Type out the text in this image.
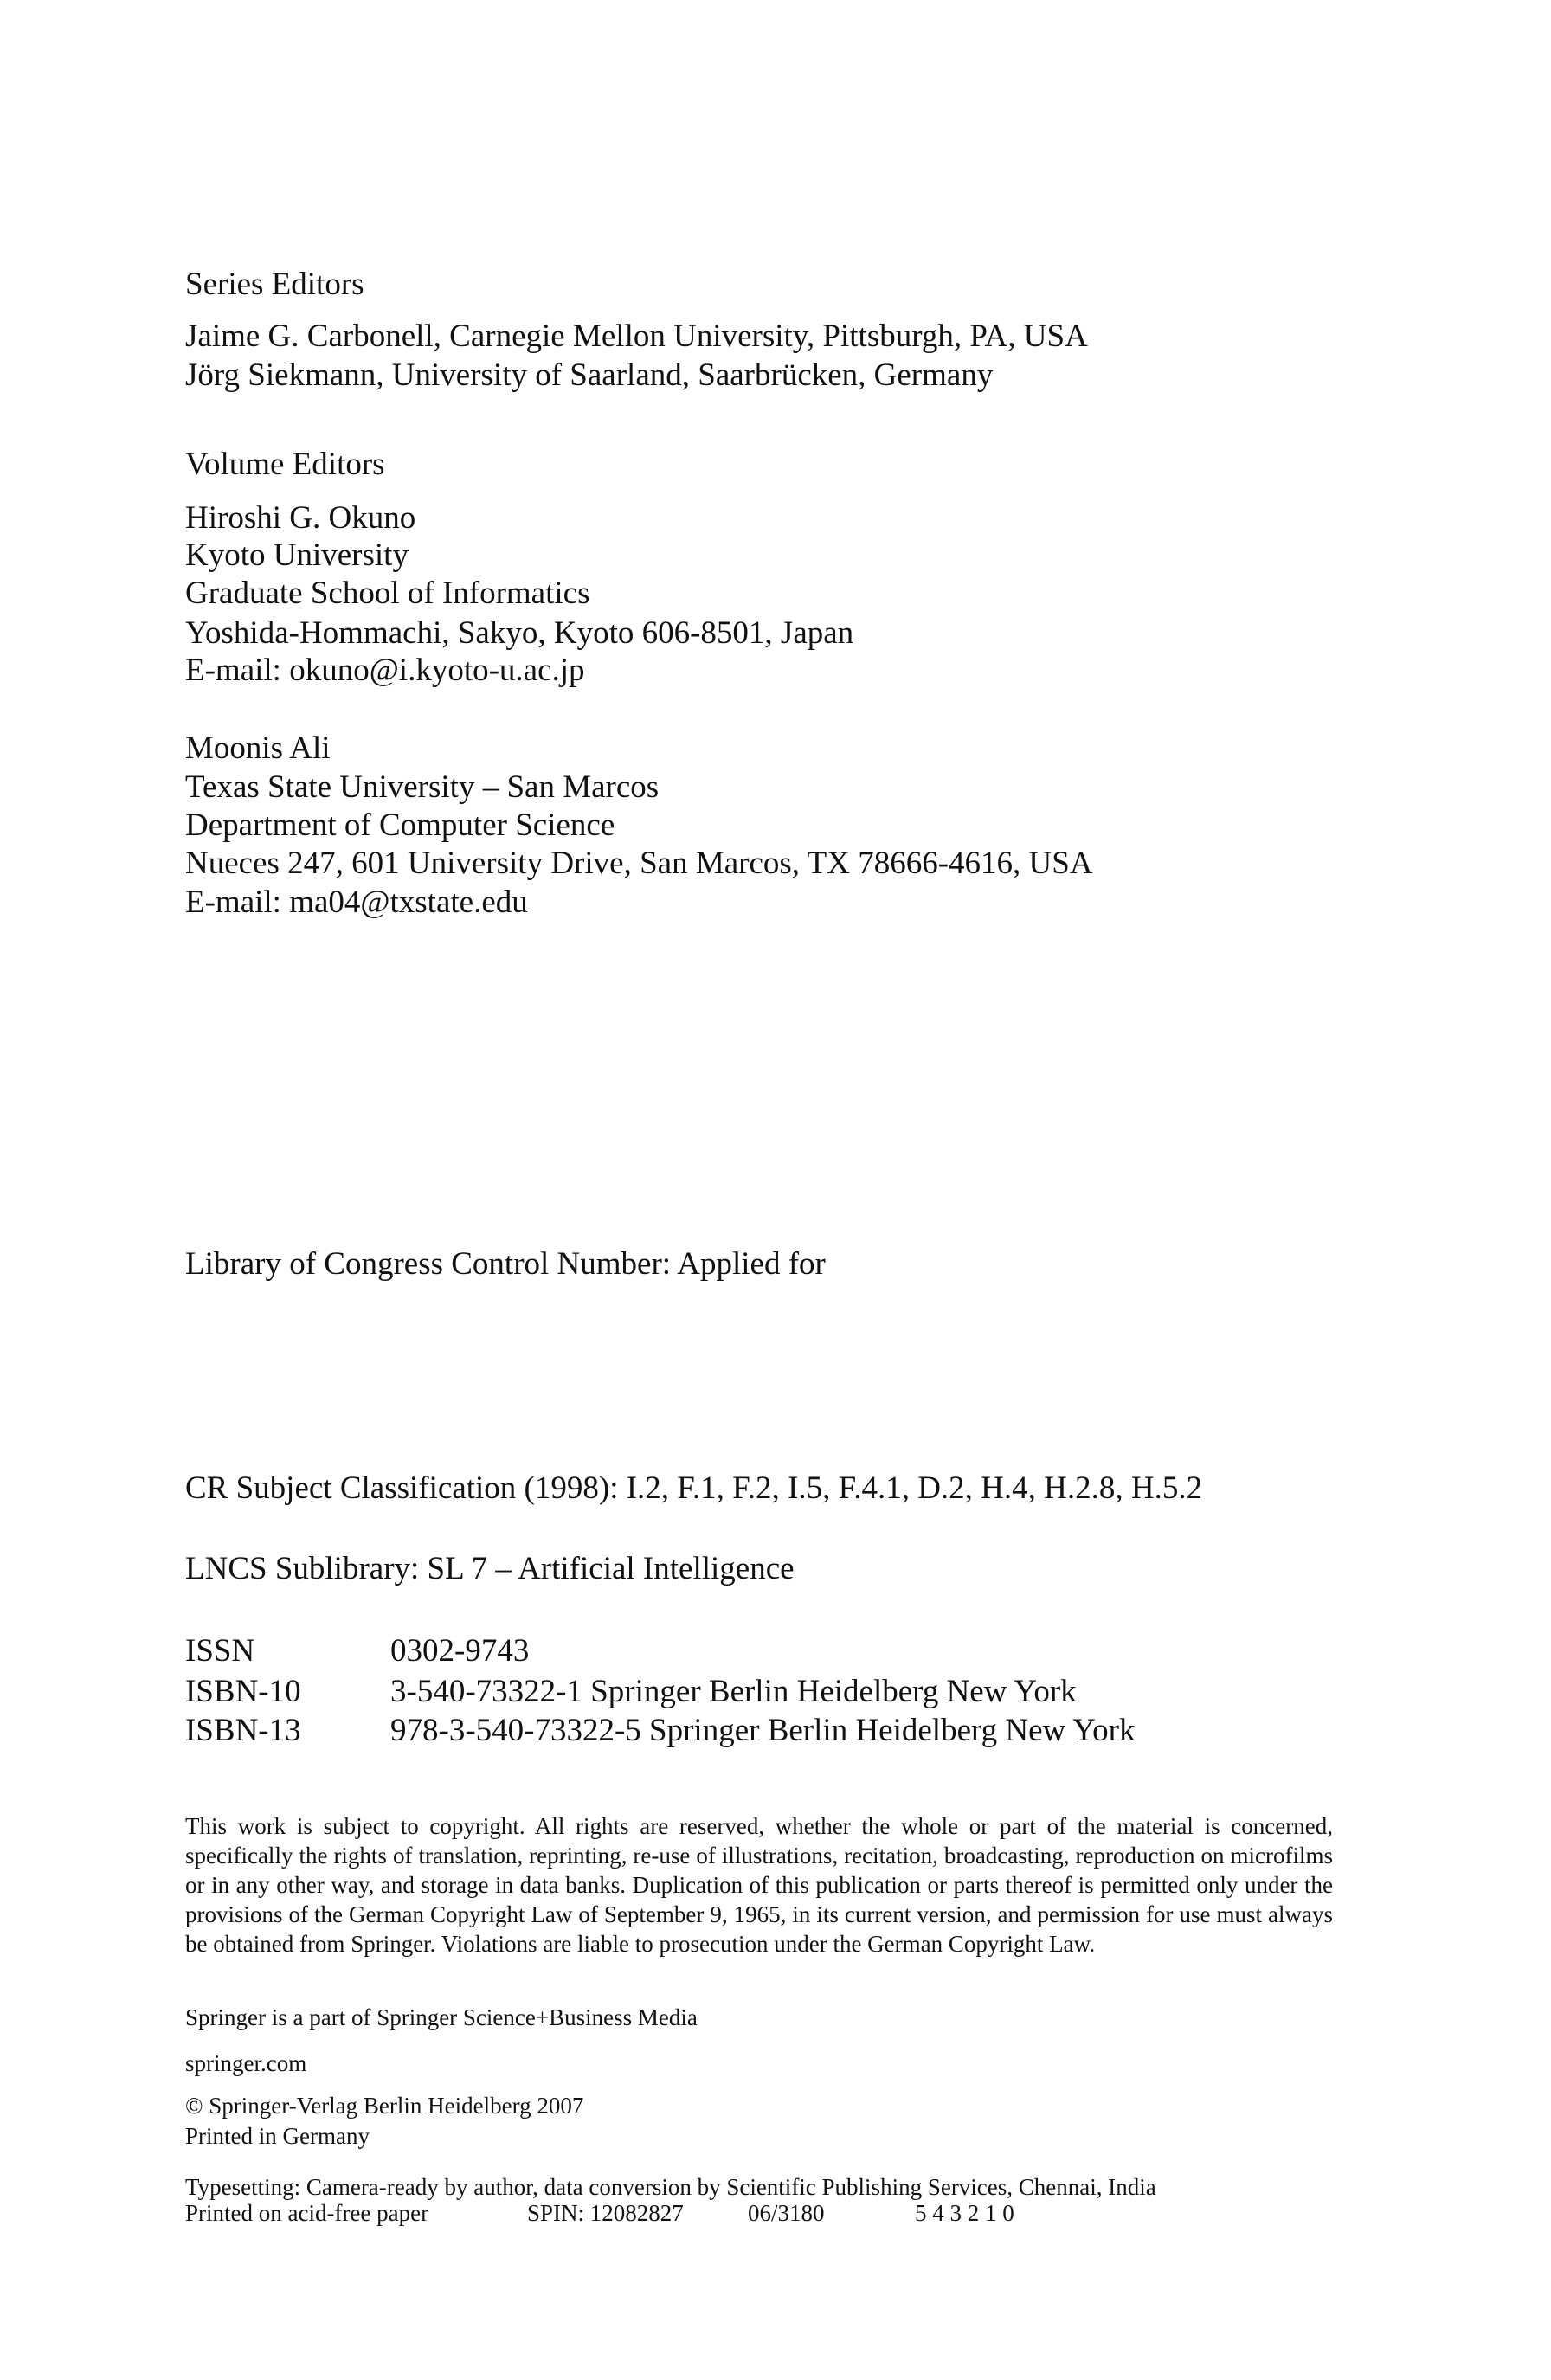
Series Editors
Jaime G. Carbonell, Carnegie Mellon University, Pittsburgh, PA, USA
Jörg Siekmann, University of Saarland, Saarbrücken, Germany
Volume Editors
Hiroshi G. Okuno
Kyoto University
Graduate School of Informatics
Yoshida-Hommachi, Sakyo, Kyoto 606-8501, Japan
E-mail: okuno@i.kyoto-u.ac.jp
Moonis Ali
Texas State University – San Marcos
Department of Computer Science
Nueces 247, 601 University Drive, San Marcos, TX 78666-4616, USA
E-mail: ma04@txstate.edu
Library of Congress Control Number: Applied for
CR Subject Classification (1998): I.2, F.1, F.2, I.5, F.4.1, D.2, H.4, H.2.8, H.5.2
LNCS Sublibrary: SL 7 – Artificial Intelligence
ISSN	0302-9743
ISBN-10	3-540-73322-1 Springer Berlin Heidelberg New York
ISBN-13	978-3-540-73322-5 Springer Berlin Heidelberg New York
This work is subject to copyright. All rights are reserved, whether the whole or part of the material is concerned, specifically the rights of translation, reprinting, re-use of illustrations, recitation, broadcasting, reproduction on microfilms or in any other way, and storage in data banks. Duplication of this publication or parts thereof is permitted only under the provisions of the German Copyright Law of September 9, 1965, in its current version, and permission for use must always be obtained from Springer. Violations are liable to prosecution under the German Copyright Law.
Springer is a part of Springer Science+Business Media
springer.com
© Springer-Verlag Berlin Heidelberg 2007
Printed in Germany
Typesetting: Camera-ready by author, data conversion by Scientific Publishing Services, Chennai, India
Printed on acid-free paper	SPIN: 12082827	06/3180	5 4 3 2 1 0
